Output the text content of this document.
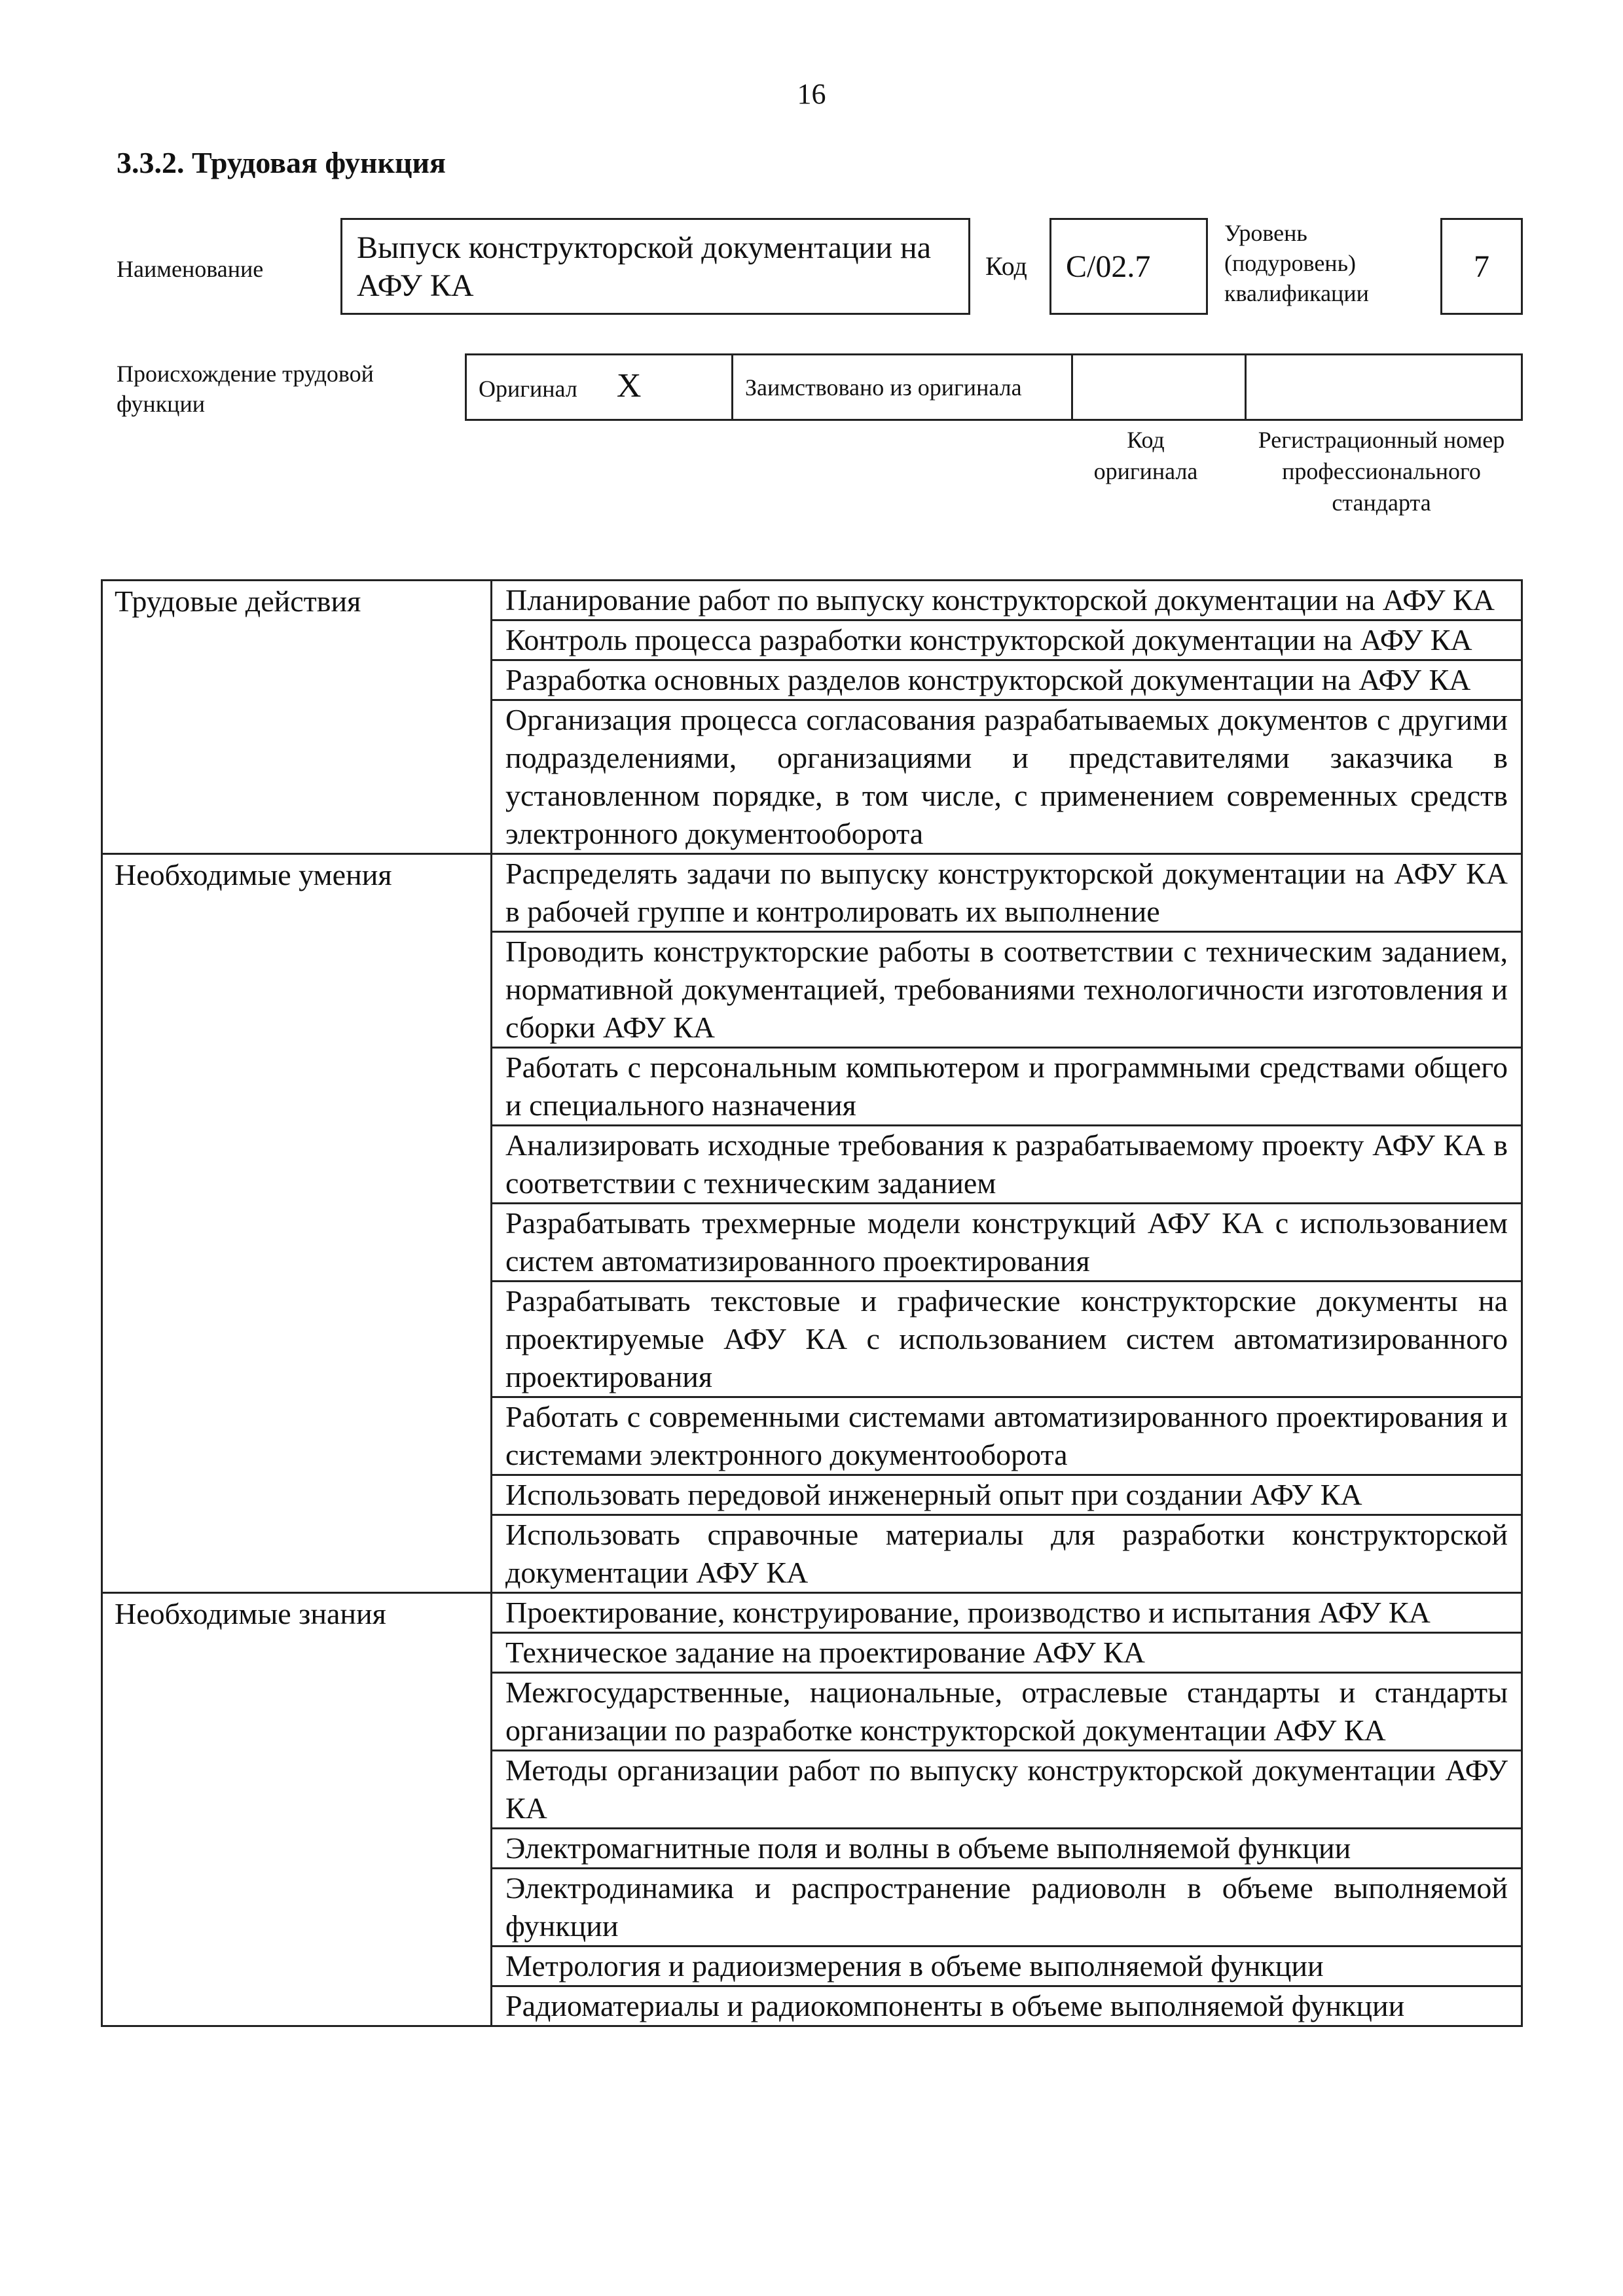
16
3.3.2. Трудовая функция
Наименование
Выпуск конструкторской документации на АФУ КА
Код	C/02.7
Уровень (подуровень) квалификации
7
Происхождение трудовой функции
Оригинал X	Заимствовано из оригинала		
Код оригинала
Регистрационный номер профессионального стандарта
Трудовые действия	Планирование работ по выпуску конструкторской документации на АФУ КА
	Контроль процесса разработки конструкторской документации на АФУ КА
	Разработка основных разделов конструкторской документации на АФУ КА
	Организация процесса согласования разрабатываемых документов с другими подразделениями, организациями и представителями заказчика в установленном порядке, в том числе, с применением современных средств электронного документооборота
Необходимые умения	Распределять задачи по выпуску конструкторской документации на АФУ КА в рабочей группе и контролировать их выполнение
	Проводить конструкторские работы в соответствии с техническим заданием, нормативной документацией, требованиями технологичности изготовления и сборки АФУ КА
	Работать с персональным компьютером и программными средствами общего и специального назначения
	Анализировать исходные требования к разрабатываемому проекту АФУ КА в соответствии с техническим заданием
	Разрабатывать трехмерные модели конструкций АФУ КА с использованием систем автоматизированного проектирования
	Разрабатывать текстовые и графические конструкторские документы на проектируемые АФУ КА с использованием систем автоматизированного проектирования
	Работать с современными системами автоматизированного проектирования и системами электронного документооборота
	Использовать передовой инженерный опыт при создании АФУ КА
	Использовать справочные материалы для разработки конструкторской документации АФУ КА
Необходимые знания	Проектирование, конструирование, производство и испытания АФУ КА
	Техническое задание на проектирование АФУ КА
	Межгосударственные, национальные, отраслевые стандарты и стандарты организации по разработке конструкторской документации АФУ КА
	Методы организации работ по выпуску конструкторской документации АФУ КА
	Электромагнитные поля и волны в объеме выполняемой функции
	Электродинамика и распространение радиоволн в объеме выполняемой функции
	Метрология и радиоизмерения в объеме выполняемой функции
	Радиоматериалы и радиокомпоненты в объеме выполняемой функции
